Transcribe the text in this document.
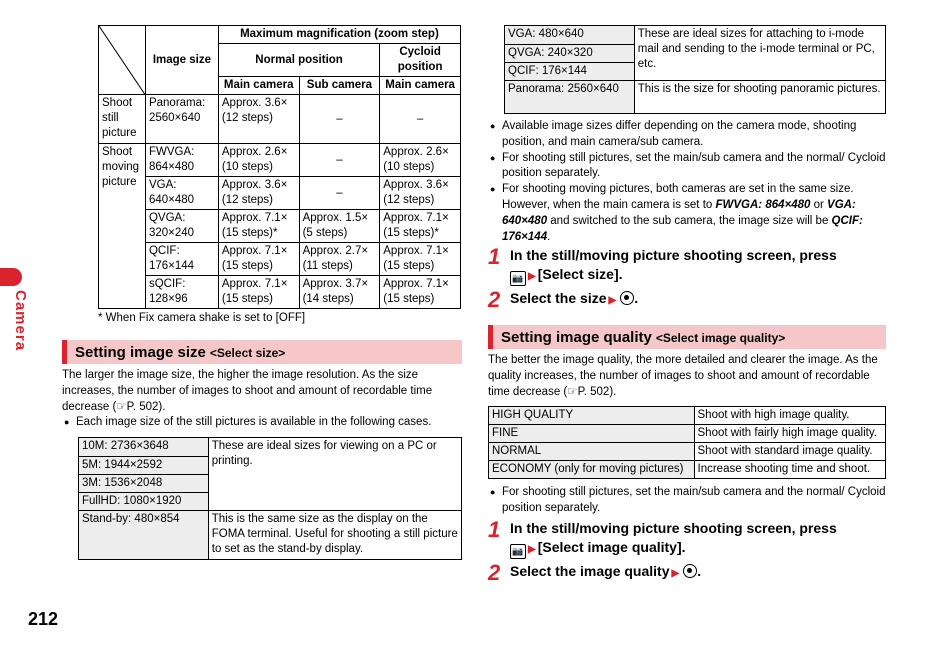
Camera
	Image size	Maximum magnification (zoom step)		
		Normal position		Cycloid position
		Main camera	Sub camera	Main camera
Shoot still picture	Panorama: 2560×640	Approx. 3.6× (12 steps)	–	–
Shoot moving picture	FWVGA: 864×480	Approx. 2.6× (10 steps)	–	Approx. 2.6× (10 steps)
	VGA: 640×480	Approx. 3.6× (12 steps)	–	Approx. 3.6× (12 steps)
	QVGA: 320×240	Approx. 7.1× (15 steps)*	Approx. 1.5× (5 steps)	Approx. 7.1× (15 steps)*
	QCIF: 176×144	Approx. 7.1× (15 steps)	Approx. 2.7× (11 steps)	Approx. 7.1× (15 steps)
	sQCIF: 128×96	Approx. 7.1× (15 steps)	Approx. 3.7× (14 steps)	Approx. 7.1× (15 steps)
* When Fix camera shake is set to [OFF]
Setting image size <Select size>
The larger the image size, the higher the image resolution. As the size increases, the number of images to shoot and amount of recordable time decrease (☞P. 502).
● Each image size of the still pictures is available in the following cases.
10M: 2736×3648	These are ideal sizes for viewing on a PC or printing.
5M: 1944×2592	
3M: 1536×2048	
FullHD: 1080×1920	
Stand-by: 480×854	This is the same size as the display on the FOMA terminal. Useful for shooting a still picture to set as the stand-by display.
VGA: 480×640	These are ideal sizes for attaching to i-mode mail and sending to the i-mode terminal or PC, etc.
QVGA: 240×320	
QCIF: 176×144	
Panorama: 2560×640	This is the size for shooting panoramic pictures.
● Available image sizes differ depending on the camera mode, shooting position, and main camera/sub camera.
● For shooting still pictures, set the main/sub camera and the normal/ Cycloid position separately.
● For shooting moving pictures, both cameras are set in the same size. However, when the main camera is set to FWVGA: 864×480 or VGA: 640×480 and switched to the sub camera, the image size will be QCIF: 176×144.
1 In the still/moving picture shooting screen, press
📷 ▶ [Select size].
2 Select the size ▶ .
Setting image quality <Select image quality>
The better the image quality, the more detailed and clearer the image. As the quality increases, the number of images to shoot and amount of recordable time decrease (☞P. 502).
HIGH QUALITY	Shoot with high image quality.
FINE	Shoot with fairly high image quality.
NORMAL	Shoot with standard image quality.
ECONOMY (only for moving pictures)	Increase shooting time and shoot.
● For shooting still pictures, set the main/sub camera and the normal/ Cycloid position separately.
1 In the still/moving picture shooting screen, press
📷 ▶ [Select image quality].
2 Select the image quality ▶ .
212
